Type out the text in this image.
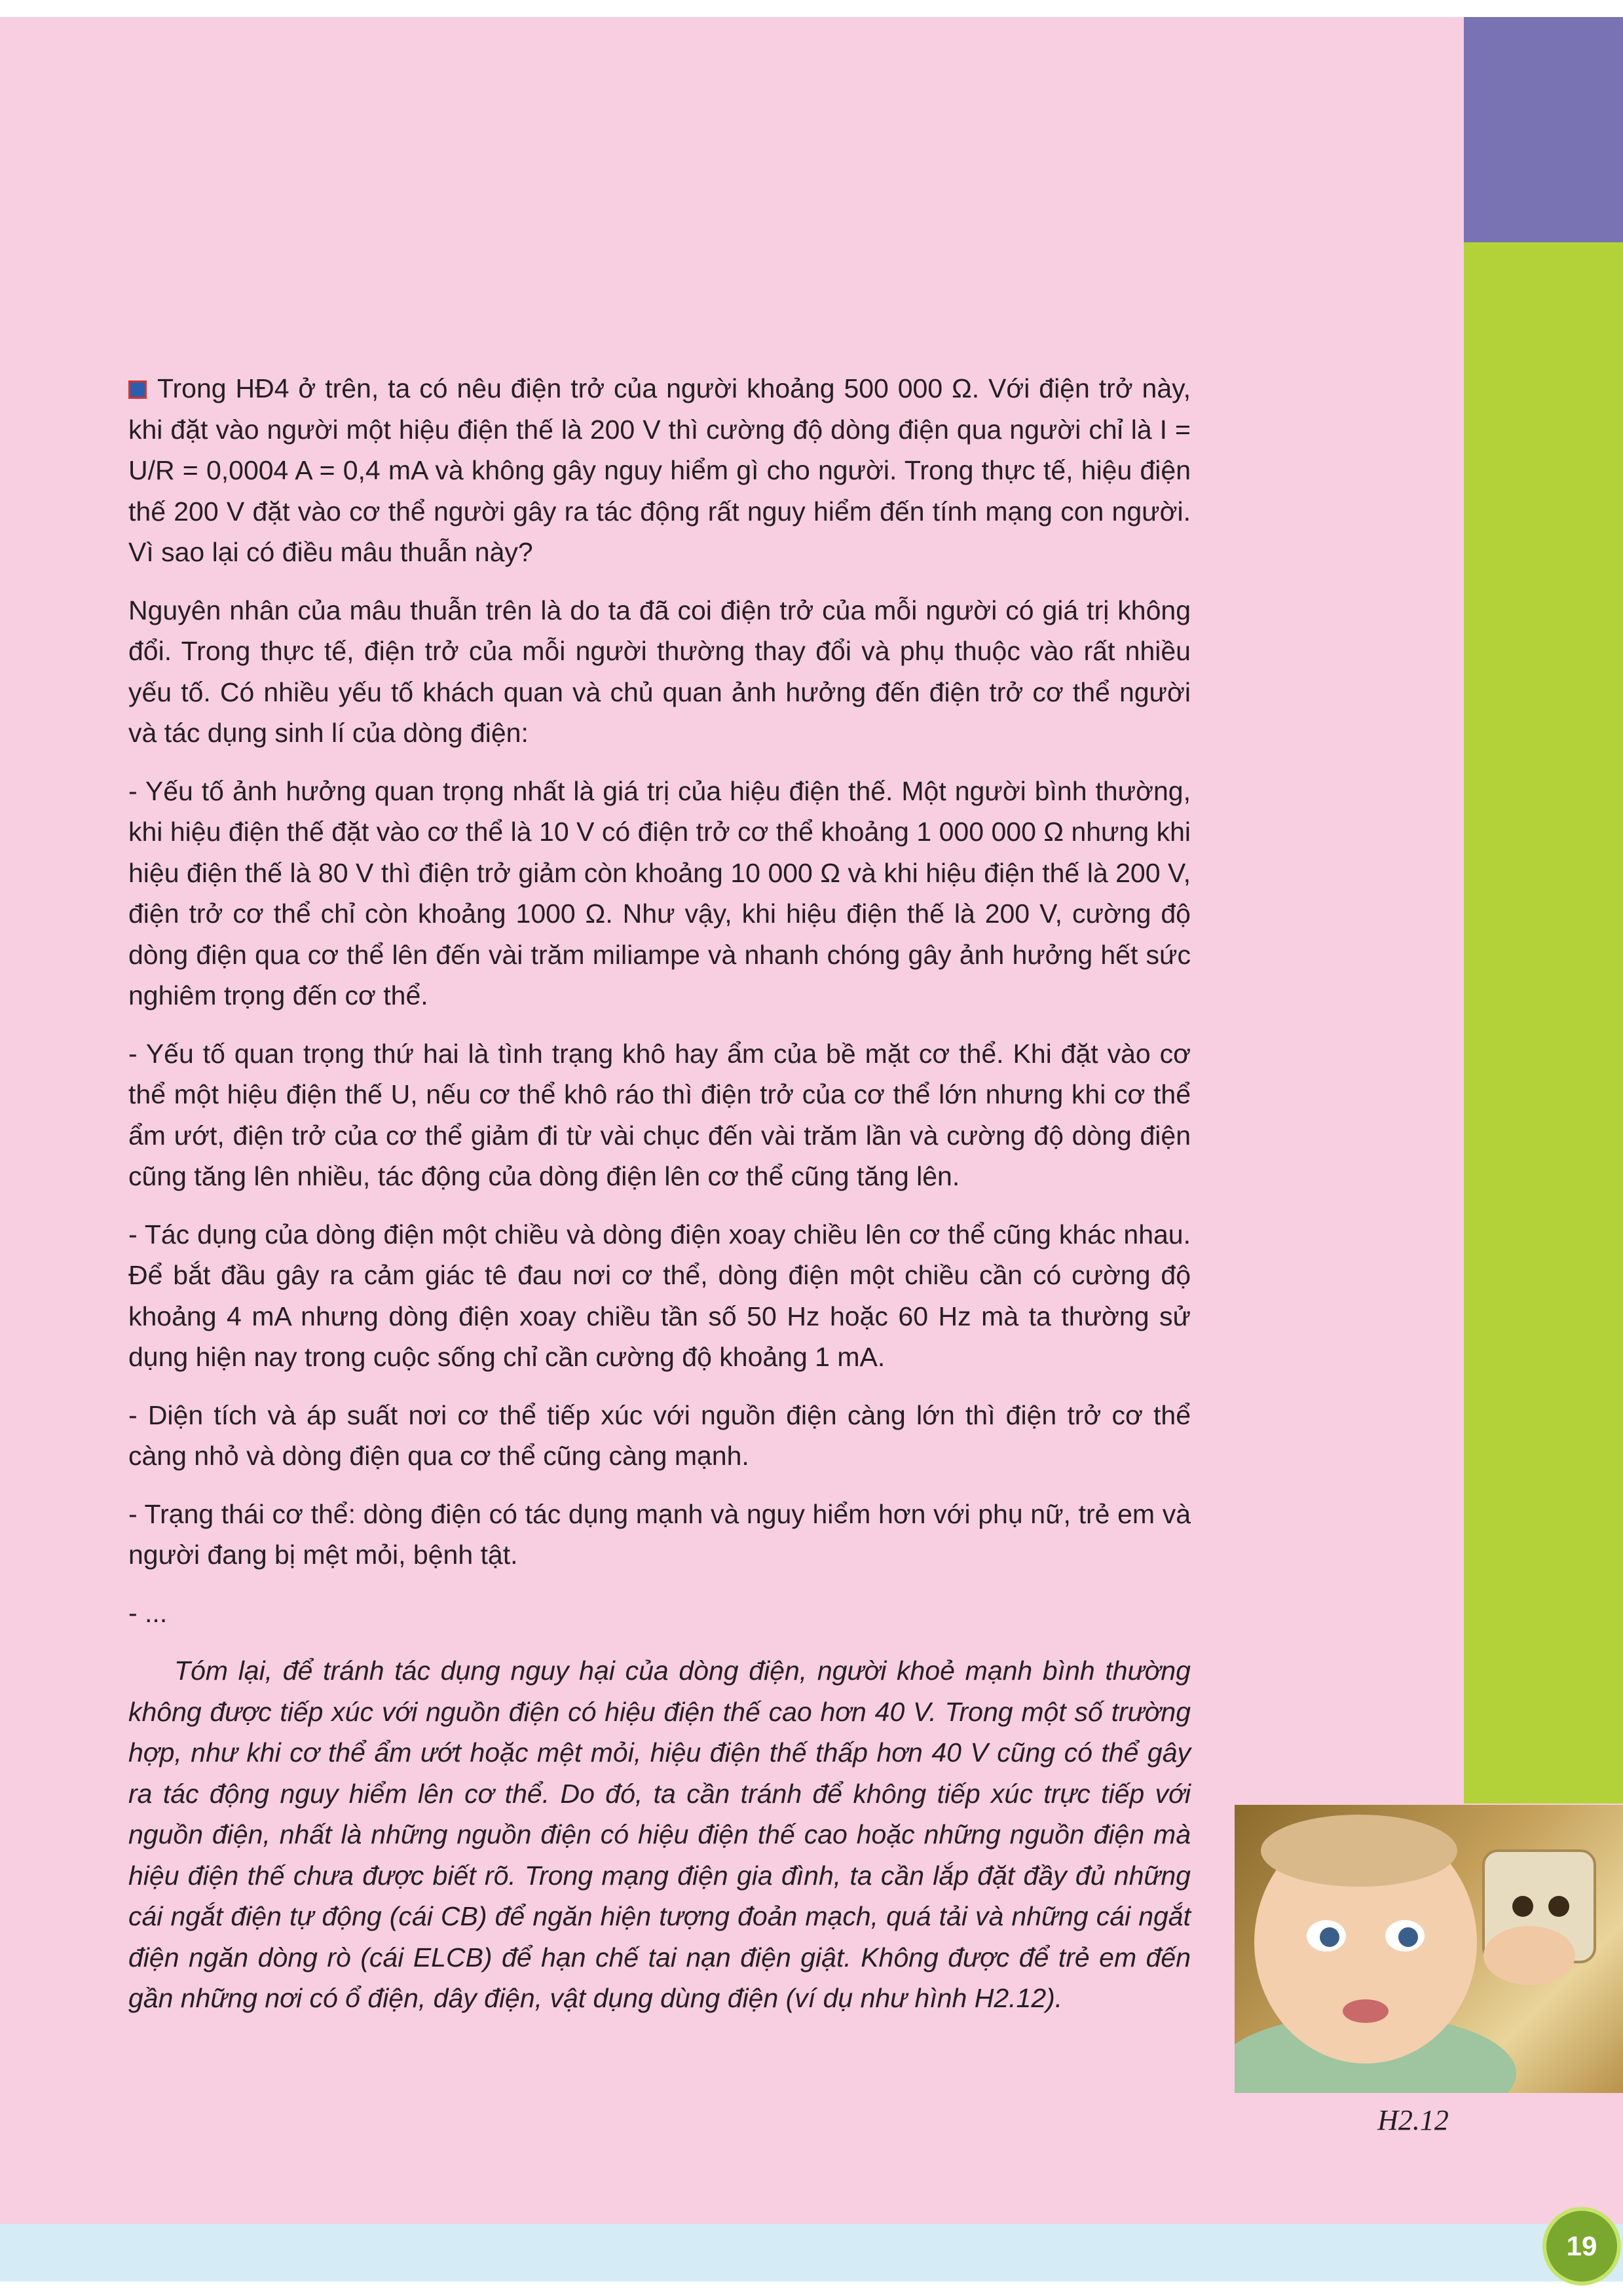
Trong HĐ4 ở trên, ta có nêu điện trở của người khoảng 500 000 Ω. Với điện trở này, khi đặt vào người một hiệu điện thế là 200 V thì cường độ dòng điện qua người chỉ là I = U/R = 0,0004 A = 0,4 mA và không gây nguy hiểm gì cho người. Trong thực tế, hiệu điện thế 200 V đặt vào cơ thể người gây ra tác động rất nguy hiểm đến tính mạng con người. Vì sao lại có điều mâu thuẫn này?

Nguyên nhân của mâu thuẫn trên là do ta đã coi điện trở của mỗi người có giá trị không đổi. Trong thực tế, điện trở của mỗi người thường thay đổi và phụ thuộc vào rất nhiều yếu tố. Có nhiều yếu tố khách quan và chủ quan ảnh hưởng đến điện trở cơ thể người và tác dụng sinh lí của dòng điện:

- Yếu tố ảnh hưởng quan trọng nhất là giá trị của hiệu điện thế. Một người bình thường, khi hiệu điện thế đặt vào cơ thể là 10 V có điện trở cơ thể khoảng 1 000 000 Ω nhưng khi hiệu điện thế là 80 V thì điện trở giảm còn khoảng 10 000 Ω và khi hiệu điện thế là 200 V, điện trở cơ thể chỉ còn khoảng 1000 Ω. Như vậy, khi hiệu điện thế là 200 V, cường độ dòng điện qua cơ thể lên đến vài trăm miliampe và nhanh chóng gây ảnh hưởng hết sức nghiêm trọng đến cơ thể.

- Yếu tố quan trọng thứ hai là tình trạng khô hay ẩm của bề mặt cơ thể. Khi đặt vào cơ thể một hiệu điện thế U, nếu cơ thể khô ráo thì điện trở của cơ thể lớn nhưng khi cơ thể ẩm ướt, điện trở của cơ thể giảm đi từ vài chục đến vài trăm lần và cường độ dòng điện cũng tăng lên nhiều, tác động của dòng điện lên cơ thể cũng tăng lên.

- Tác dụng của dòng điện một chiều và dòng điện xoay chiều lên cơ thể cũng khác nhau. Để bắt đầu gây ra cảm giác tê đau nơi cơ thể, dòng điện một chiều cần có cường độ khoảng 4 mA nhưng dòng điện xoay chiều tần số 50 Hz hoặc 60 Hz mà ta thường sử dụng hiện nay trong cuộc sống chỉ cần cường độ khoảng 1 mA.

- Diện tích và áp suất nơi cơ thể tiếp xúc với nguồn điện càng lớn thì điện trở cơ thể càng nhỏ và dòng điện qua cơ thể cũng càng mạnh.

- Trạng thái cơ thể: dòng điện có tác dụng mạnh và nguy hiểm hơn với phụ nữ, trẻ em và người đang bị mệt mỏi, bệnh tật.

- ...

Tóm lại, để tránh tác dụng nguy hại của dòng điện, người khoẻ mạnh bình thường không được tiếp xúc với nguồn điện có hiệu điện thế cao hơn 40 V. Trong một số trường hợp, như khi cơ thể ẩm ướt hoặc mệt mỏi, hiệu điện thế thấp hơn 40 V cũng có thể gây ra tác động nguy hiểm lên cơ thể. Do đó, ta cần tránh để không tiếp xúc trực tiếp với nguồn điện, nhất là những nguồn điện có hiệu điện thế cao hoặc những nguồn điện mà hiệu điện thế chưa được biết rõ. Trong mạng điện gia đình, ta cần lắp đặt đầy đủ những cái ngắt điện tự động (cái CB) để ngăn hiện tượng đoản mạch, quá tải và những cái ngắt điện ngăn dòng rò (cái ELCB) để hạn chế tai nạn điện giật. Không được để trẻ em đến gần những nơi có ổ điện, dây điện, vật dụng dùng điện (ví dụ như hình H2.12).

H2.12
19
